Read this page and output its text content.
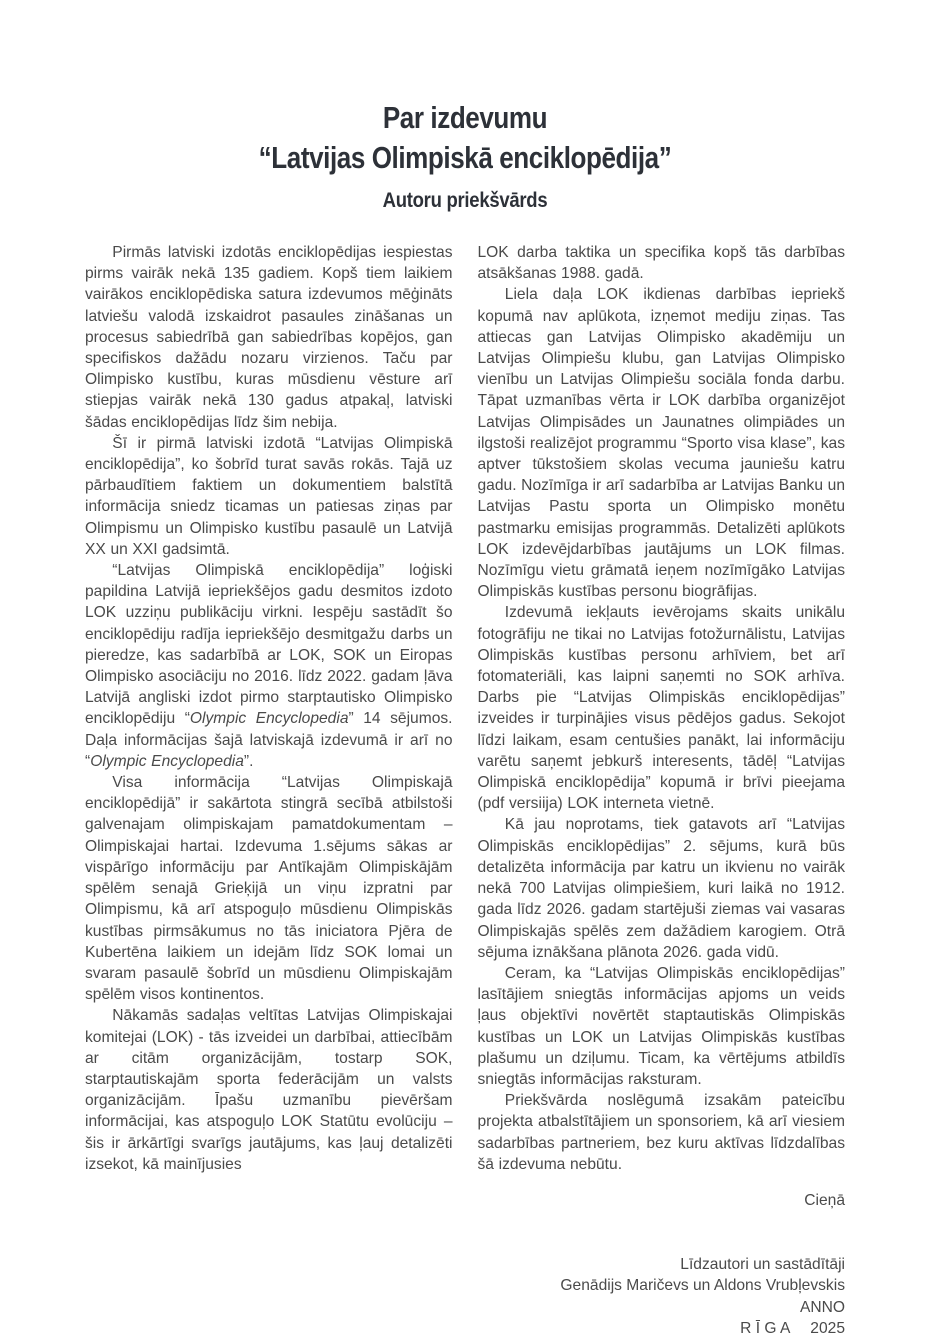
Par izdevumu
“Latvijas Olimpiskā enciklopēdija”
Autoru priekšvārds

Pirmās latviski izdotās enciklopēdijas iespiestas pirms vairāk nekā 135 gadiem. Kopš tiem laikiem vairākos enciklopēdiska satura izdevumos mēģināts latviešu valodā izskaidrot pasaules zināšanas un procesus sabiedrībā gan sabiedrības kopējos, gan specifiskos dažādu nozaru virzienos. Taču par Olimpisko kustību, kuras mūsdienu vēsture arī stiepjas vairāk nekā 130 gadus atpakaļ, latviski šādas enciklopēdijas līdz šim nebija.

Šī ir pirmā latviski izdotā “Latvijas Olimpiskā enciklopēdija”, ko šobrīd turat savās rokās. Tajā uz pārbaudītiem faktiem un dokumentiem balstītā informācija sniedz ticamas un patiesas ziņas par Olimpismu un Olimpisko kustību pasaulē un Latvijā XX un XXI gadsimtā.

“Latvijas Olimpiskā enciklopēdija” loģiski papildina Latvijā iepriekšējos gadu desmitos izdoto LOK uzziņu publikāciju virkni. Iespēju sastādīt šo enciklopēdiju radīja iepriekšējo desmitgažu darbs un pieredze, kas sadarbībā ar LOK, SOK un Eiropas Olimpisko asociāciju no 2016. līdz 2022. gadam ļāva Latvijā angliski izdot pirmo starptautisko Olimpisko enciklopēdiju “Olympic Encyclopedia” 14 sējumos. Daļa informācijas šajā latviskajā izdevumā ir arī no “Olympic Encyclopedia”.

Visa informācija “Latvijas Olimpiskajā enciklopēdijā” ir sakārtota stingrā secībā atbilstoši galvenajam olimpiskajam pamatdokumentam – Olimpiskajai hartai. Izdevuma 1.sējums sākas ar vispārīgo informāciju par Antīkajām Olimpiskājām spēlēm senajā Grieķijā un viņu izpratni par Olimpismu, kā arī atspoguļo mūsdienu Olimpiskās kustības pirmsākumus no tās iniciatora Pjēra de Kubertēna laikiem un idejām līdz SOK lomai un svaram pasaulē šobrīd un mūsdienu Olimpiskajām spēlēm visos kontinentos.

Nākamās sadaļas veltītas Latvijas Olimpiskajai komitejai (LOK) - tās izveidei un darbībai, attiecībām ar citām organizācijām, tostarp SOK, starptautiskajām sporta federācijām un valsts organizācijām. Īpašu uzmanību pievēršam informācijai, kas atspoguļo LOK Statūtu evolūciju – šis ir ārkārtīgi svarīgs jautājums, kas ļauj detalizēti izsekot, kā mainījusies

LOK darba taktika un specifika kopš tās darbības atsākšanas 1988. gadā.

Liela daļa LOK ikdienas darbības iepriekš kopumā nav aplūkota, izņemot mediju ziņas. Tas attiecas gan Latvijas Olimpisko akadēmiju un Latvijas Olimpiešu klubu, gan Latvijas Olimpisko vienību un Latvijas Olimpiešu sociāla fonda darbu. Tāpat uzmanības vērta ir LOK darbība organizējot Latvijas Olimpisādes un Jaunatnes olimpiādes un ilgstoši realizējot programmu “Sporto visa klase”, kas aptver tūkstošiem skolas vecuma jauniešu katru gadu. Nozīmīga ir arī sadarbība ar Latvijas Banku un Latvijas Pastu sporta un Olimpisko monētu pastmarku emisijas programmās. Detalizēti aplūkots LOK izdevējdarbības jautājums un LOK filmas. Nozīmīgu vietu grāmatā ieņem nozīmīgāko Latvijas Olimpiskās kustības personu biogrāfijas.

Izdevumā iekļauts ievērojams skaits unikālu fotogrāfiju ne tikai no Latvijas fotožurnālistu, Latvijas Olimpiskās kustības personu arhīviem, bet arī fotomateriāli, kas laipni saņemti no SOK arhīva. Darbs pie “Latvijas Olimpiskās enciklopēdijas” izveides ir turpinājies visus pēdējos gadus. Sekojot līdzi laikam, esam centušies panākt, lai informāciju varētu saņemt jebkurš interesents, tādēļ “Latvijas Olimpiskā enciklopēdija” kopumā ir brīvi pieejama (pdf versiija) LOK interneta vietnē.

Kā jau noprotams, tiek gatavots arī “Latvijas Olimpiskās enciklopēdijas” 2. sējums, kurā būs detalizēta informācija par katru un ikvienu no vairāk nekā 700 Latvijas olimpiešiem, kuri laikā no 1912. gada līdz 2026. gadam startējuši ziemas vai vasaras Olimpiskajās spēlēs zem dažādiem karogiem. Otrā sējuma iznākšana plānota 2026. gada vidū.

Ceram, ka “Latvijas Olimpiskās enciklopēdijas” lasītājiem sniegtās informācijas apjoms un veids ļaus objektīvi novērtēt staptautiskās Olimpiskās kustības un LOK un Latvijas Olimpiskās kustības plašumu un dziļumu. Ticam, ka vērtējums atbildīs sniegtās informācijas raksturam.

Priekšvārda noslēgumā izsakām pateicību projekta atbalstītājiem un sponsoriem, kā arī viesiem sadarbības partneriem, bez kuru aktīvas līdzdalības šā izdevuma nebūtu.

Cieņā

Līdzautori un sastādītāji
Genādijs Maričevs un Aldons Vrubļevskis
ANNO
R Ī G A  2025
